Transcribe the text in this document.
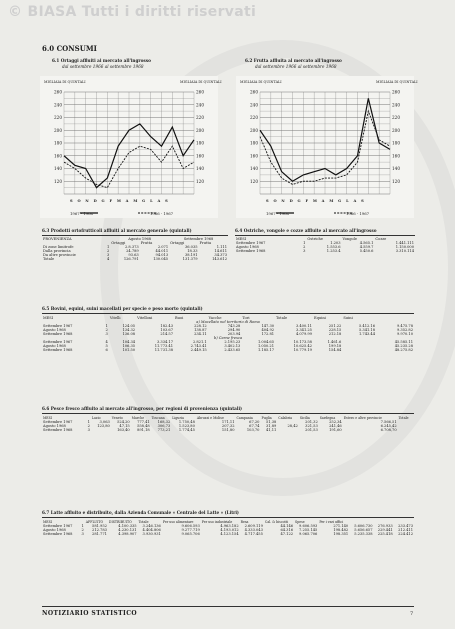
© BIASA Tutti i diritti riservati
6.0 CONSUMI
6.1 Ortaggi affluiti ai mercato all'ingrosso
dal settembre 1966 al settembre 1968
120	120
140	140
160	160
180	180
200	200
220	220
240	240
260	260
MIGLIAIA DI QUINTALI	MIGLIAIA DI QUINTALI
S O N D G F M A M G L A S
1967 - 1968	1966 - 1967
6.2 Frutta affluita al mercato all'ingrosso
dal settembre 1966 al settembre 1968
120	120
140	140
160	160
180	180
200	200
220	220
240	240
260	260
MIGLIAIA DI QUINTALI	MIGLIAIA DI QUINTALI
S O N D G F M A M G L A S
1967 - 1968	1966 - 1967
6.3 Prodotti ortofrutticoli affluiti al mercato generale (quintali)
PROVENIENZA		Agosto 1968		Settembre 1968	
		Ortaggi	Frutta	Ortaggi	Frutta
Di zone limitrofe	1	2.8.373	2.071	36.035	1.111
Dalla provincia	2	24.789	44.011	18.33	14.611
Da altre provincie	3	93.63	94.013	38.191	34.373
Totale	4	126.791	130.045	131.379	143.612
6.4 Ostriche, vongole e cozze affluite al mercato all'ingrosso
MESI		Ostriche	Vongole	Cozze
Settembre 1967	1	1.203	4.565.1	1.441.111
Agosto 1968	2	1.553.6	4.559.7	1.150.000
Settembre 1968	3	1.253.4	5.450.6	3.310.114
6.5 Bovini, equini, suini macellati per specie e peso morto (quintali)
MESI		Vitelli	Vitelloni	Buoi	Vacche	Tori	Totale	Equini	Suini	
a) Macellato nel territorio di Roma										
Settembre 1967	1	124.05	182.43	228.12	743.28	147.30	3.400.11	251.22	5.412.16	9.475.78
Agosto 1968	2	134.32	103.67	138.87	294.90	404.92	3.341.25	228.15	5.341.18	9.352.82
Settembre 1968	3	136.08	214.57	234.11	203.94	172.81	4.079.99	212.18	1.743.44	9.970.10
b) Carne fresca										
Settembre 1967	4	104.34	3.334.17	2.821.1	2.195.23	1.004.65	10.173.58	1.461.6		45.585.11
Agosto 1968	5	106.35	11.773.41	2.743.41	3.402.13	1.050.21	10.625.42	199.18		45.235.28
Settembre 1968	6	101.50	11.731.38	2.449.15	2.433.65	1.185.17	10.779.19	154.84		48.275.82
6.6 Pesce fresco affluito al mercato all'ingrosso, per regioni di provenienza (quintali)
MESI		Lazio	Veneto	Marche	Toscana	Liguria	Abruzzi e Molise	Campania	Puglia	Calabria	Sicilia	Sardegna	Estero e altre provincie	Totale
Settembre 1967	1	3,063	524,20	777,41	168,32	1.750,48	171,11	67,20	51,38		201,32	252,34	7.566,51	
Agosto 1968	2	123,80	47,15	558,48	306,73	1.523,80	207,32	67,74	31,89	28,42	321,53	241,46	6.245,42	
Settembre 1968	3		163,40	891,18	773,21	1.774,45	151,80	103,70	41,11		201,53	191,60	6.708,70	
6.7 Latte affluito e distribuito, dalla Azienda Comunale « Centrale del Latte » (Litri)
MESI		AFFLUITO	DISTRIBUITO	Totale	Per uso alimentare	Per uso industriale	Resa	Cal. & biscotti	Spese	Per i vari uffici			
Settembre 1967	1	581.952	4.100.335	3.246.136	9.606.593	4.963.182	2.609.119	44.146	9.606.593	271.140	5.606.730	276.933	233.473
Agosto 1968	2	212.783	4.230.131	4.404.806	9.277.719	4.193.012	4.333.043	64.316	7.255.145	198.482	5.656.657	229.441	212.411
Settembre 1968	3	281.771	4.398.907	3.930.931	9.065.706	4.123.154	4.717.455	47.122	9.065.706	198.351	5.235.338	225.418	224.412
NOTIZIARIO STATISTICO	7
